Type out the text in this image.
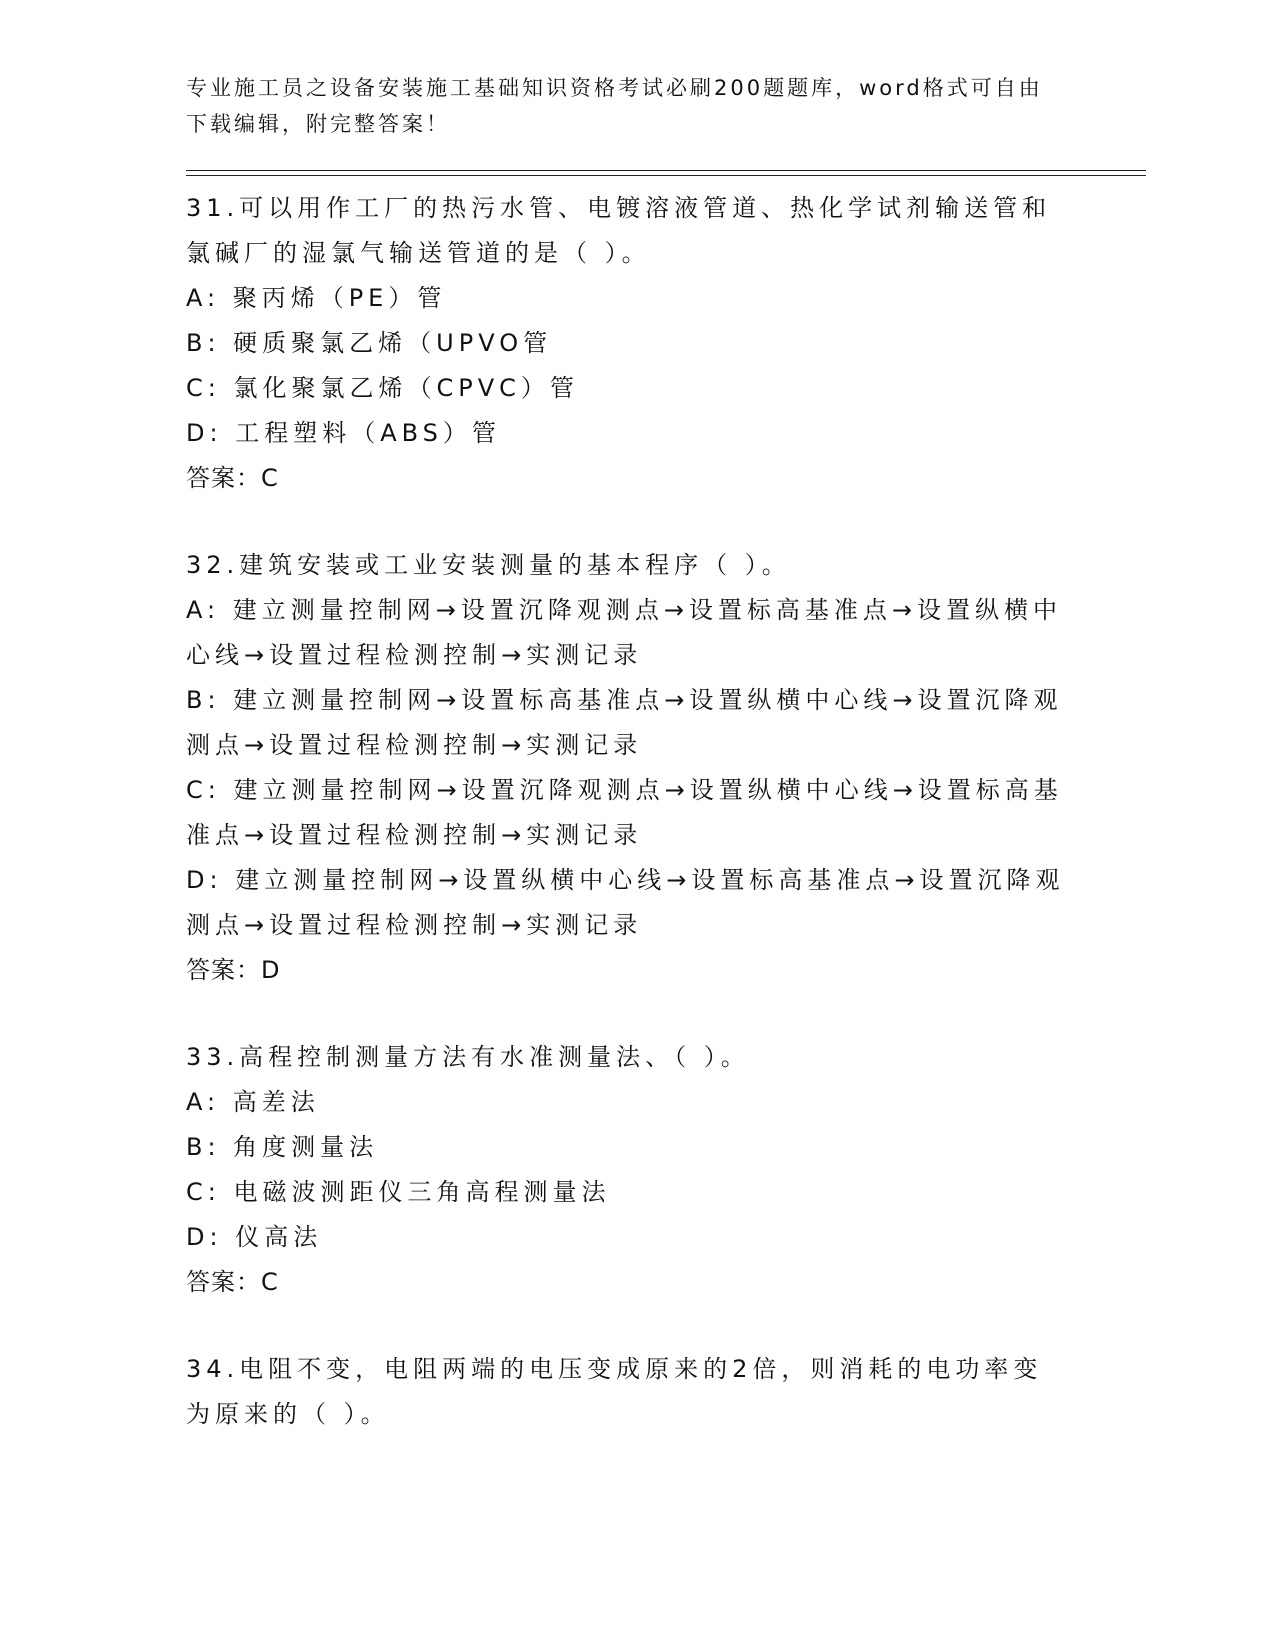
专业施工员之设备安装施工基础知识资格考试必刷200题题库，word格式可自由下载编辑，附完整答案！
31.可以用作工厂的热污水管、电镀溶液管道、热化学试剂输送管和氯碱厂的湿氯气输送管道的是（ ）。
A: 聚丙烯（PE）管
B: 硬质聚氯乙烯（UPVO管
C: 氯化聚氯乙烯（CPVC）管
D: 工程塑料（ABS）管
答案：C
32.建筑安装或工业安装测量的基本程序（ ）。
A: 建立测量控制网→设置沉降观测点→设置标高基准点→设置纵横中心线→设置过程检测控制→实测记录
B: 建立测量控制网→设置标高基准点→设置纵横中心线→设置沉降观测点→设置过程检测控制→实测记录
C: 建立测量控制网→设置沉降观测点→设置纵横中心线→设置标高基准点→设置过程检测控制→实测记录
D: 建立测量控制网→设置纵横中心线→设置标高基准点→设置沉降观测点→设置过程检测控制→实测记录
答案：D
33.高程控制测量方法有水准测量法、（ ）。
A: 高差法
B: 角度测量法
C: 电磁波测距仪三角高程测量法
D: 仪高法
答案：C
34.电阻不变，电阻两端的电压变成原来的2倍，则消耗的电功率变为原来的（ ）。
